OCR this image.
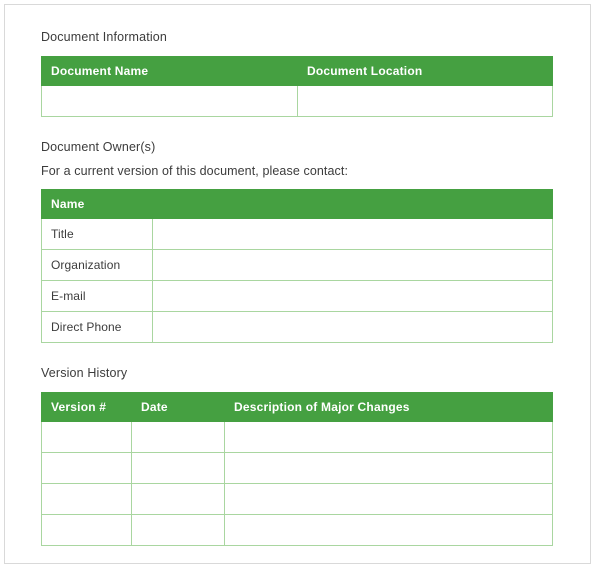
Document Information
Document Name	Document Location

Document Owner(s)
For a current version of this document, please contact:
Name	
Title	
Organization	
E-mail	
Direct Phone	
Version History
Version #	Date	Description of Major Changes
